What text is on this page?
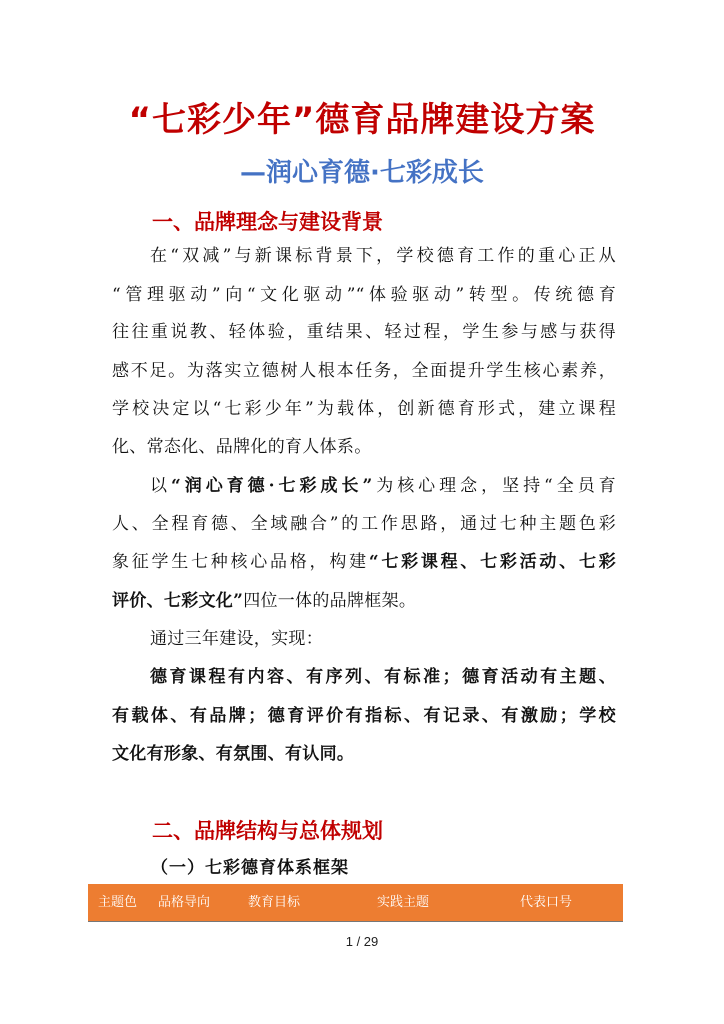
“七彩少年”德育品牌建设方案
—润心育德·七彩成长
一、品牌理念与建设背景
在“双减”与新课标背景下，学校德育工作的重心正从
“管理驱动”向“文化驱动”“体验驱动”转型。传统德育
往往重说教、轻体验，重结果、轻过程，学生参与感与获得
感不足。为落实立德树人根本任务，全面提升学生核心素养，
学校决定以“七彩少年”为载体，创新德育形式，建立课程
化、常态化、品牌化的育人体系。
以“润心育德·七彩成长”为核心理念，坚持“全员育
人、全程育德、全域融合”的工作思路，通过七种主题色彩
象征学生七种核心品格，构建“七彩课程、七彩活动、七彩
评价、七彩文化”四位一体的品牌框架。
通过三年建设，实现：
德育课程有内容、有序列、有标准；德育活动有主题、
有载体、有品牌；德育评价有指标、有记录、有激励；学校
文化有形象、有氛围、有认同。
二、品牌结构与总体规划
（一）七彩德育体系框架
主题色 品格导向	教育目标	实践主题	代表口号
1 / 29
